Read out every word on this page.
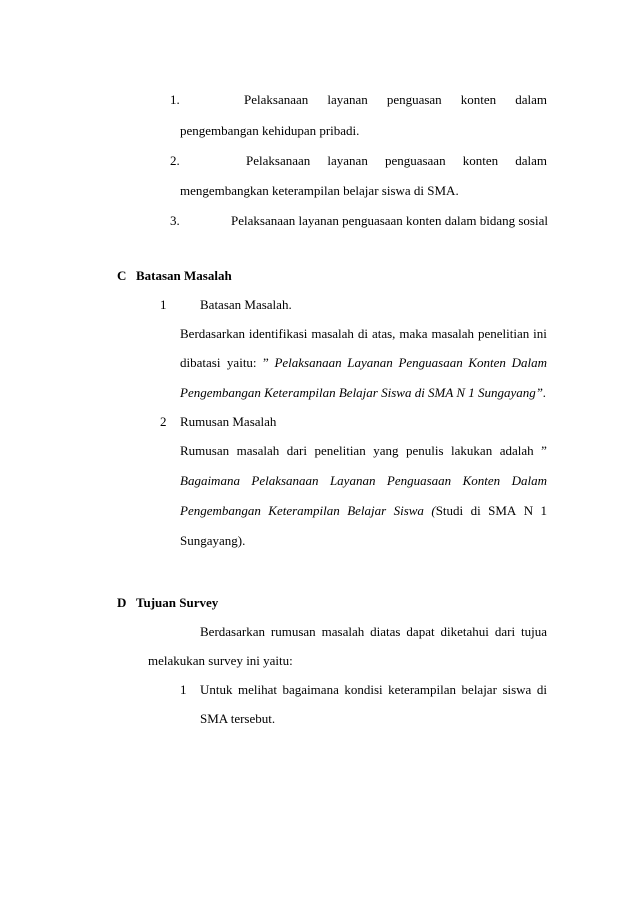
1.	Pelaksanaan layanan penguasan konten dalam
pengembangan kehidupan pribadi.
2.	Pelaksanaan layanan penguasaan konten dalam
mengembangkan keterampilan belajar siswa di SMA.
3.	Pelaksanaan layanan penguasaan konten dalam bidang sosial
C Batasan Masalah
1	Batasan Masalah.
Berdasarkan identifikasi masalah di atas, maka masalah penelitian ini
dibatasi  yaitu:  ” Pelaksanaan Layanan Penguasaan Konten Dalam
Pengembangan Keterampilan Belajar Siswa di SMA N 1 Sungayang”.
2 Rumusan Masalah
Rumusan masalah dari penelitian yang penulis lakukan adalah ”
Bagaimana Pelaksanaan Layanan Penguasaan Konten Dalam
Pengembangan Keterampilan Belajar Siswa (Studi di SMA N 1
Sungayang).
D Tujuan Survey
Berdasarkan rumusan masalah diatas dapat diketahui dari tujua
melakukan survey ini yaitu:
1 Untuk melihat bagaimana kondisi keterampilan belajar siswa di
SMA tersebut.
